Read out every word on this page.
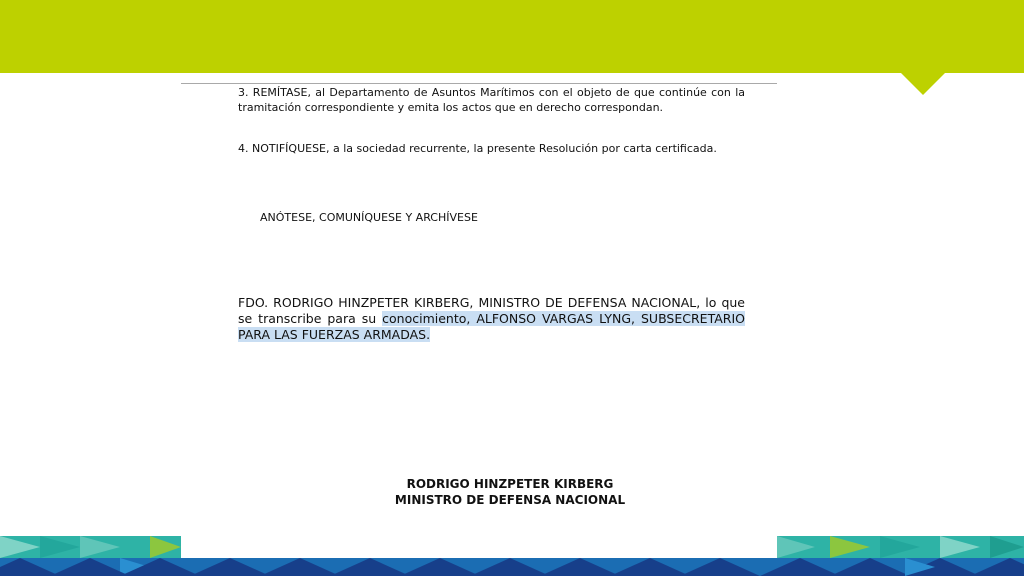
3. REMÍTASE, al Departamento de Asuntos Marítimos con el objeto de que continúe con la
tramitación correspondiente y emita los actos que en derecho correspondan.
4. NOTIFÍQUESE, a la sociedad recurrente, la presente Resolución por carta certificada.
ANÓTESE, COMUNÍQUESE Y ARCHÍVESE
FDO. RODRIGO HINZPETER KIRBERG, MINISTRO DE DEFENSA NACIONAL, lo que se transcribe para su conocimiento, ALFONSO VARGAS LYNG, SUBSECRETARIO PARA LAS FUERZAS ARMADAS.
RODRIGO HINZPETER KIRBERG
MINISTRO DE DEFENSA NACIONAL
